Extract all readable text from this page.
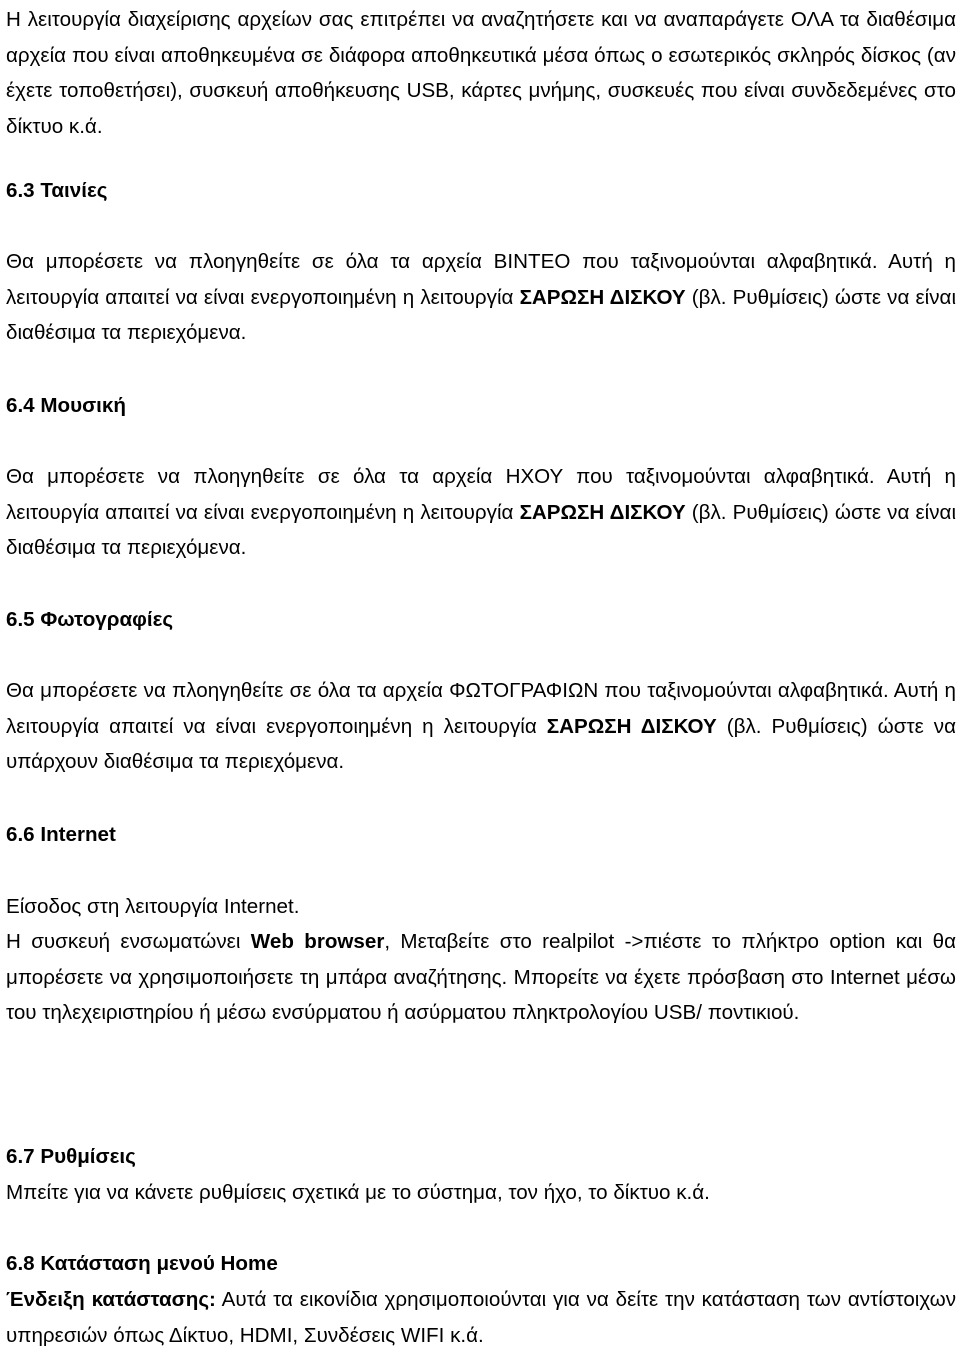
Η λειτουργία διαχείρισης αρχείων σας επιτρέπει να αναζητήσετε και να αναπαράγετε ΟΛΑ τα διαθέσιμα αρχεία που είναι αποθηκευμένα σε διάφορα αποθηκευτικά μέσα όπως ο εσωτερικός σκληρός δίσκος (αν έχετε τοποθετήσει), συσκευή αποθήκευσης USB, κάρτες μνήμης, συσκευές που είναι συνδεδεμένες στο δίκτυο κ.ά.

6.3 Ταινίες

Θα μπορέσετε να πλοηγηθείτε σε όλα τα αρχεία ΒΙΝΤΕΟ που ταξινομούνται αλφαβητικά. Αυτή η λειτουργία απαιτεί να είναι ενεργοποιημένη η λειτουργία ΣΑΡΩΣΗ ΔΙΣΚΟΥ (βλ. Ρυθμίσεις) ώστε να είναι διαθέσιμα τα περιεχόμενα.

6.4 Μουσική

Θα μπορέσετε να πλοηγηθείτε σε όλα τα αρχεία ΗΧΟΥ που ταξινομούνται αλφαβητικά. Αυτή η λειτουργία απαιτεί να είναι ενεργοποιημένη η λειτουργία ΣΑΡΩΣΗ ΔΙΣΚΟΥ (βλ. Ρυθμίσεις) ώστε να είναι διαθέσιμα τα περιεχόμενα.

6.5 Φωτογραφίες

Θα μπορέσετε να πλοηγηθείτε σε όλα τα αρχεία ΦΩΤΟΓΡΑΦΙΩΝ που ταξινομούνται αλφαβητικά. Αυτή η λειτουργία απαιτεί να είναι ενεργοποιημένη η λειτουργία ΣΑΡΩΣΗ ΔΙΣΚΟΥ (βλ. Ρυθμίσεις) ώστε να υπάρχουν διαθέσιμα τα περιεχόμενα.

6.6 Internet

Είσοδος στη λειτουργία Internet.

Η συσκευή ενσωματώνει Web browser, Μεταβείτε στο realpilot ->πιέστε το πλήκτρο option και θα μπορέσετε να χρησιμοποιήσετε τη μπάρα αναζήτησης. Μπορείτε να έχετε πρόσβαση στο Internet μέσω του τηλεχειριστηρίου ή μέσω ενσύρματου ή ασύρματου πληκτρολογίου USB/ ποντικιού.

6.7 Ρυθμίσεις

Μπείτε για να κάνετε ρυθμίσεις σχετικά με το σύστημα, τον ήχο, το δίκτυο κ.ά.

6.8 Κατάσταση μενού Home

Ένδειξη κατάστασης: Αυτά τα εικονίδια χρησιμοποιούνται για να δείτε την κατάσταση των αντίστοιχων υπηρεσιών όπως Δίκτυο, HDMI, Συνδέσεις WIFI κ.ά.
